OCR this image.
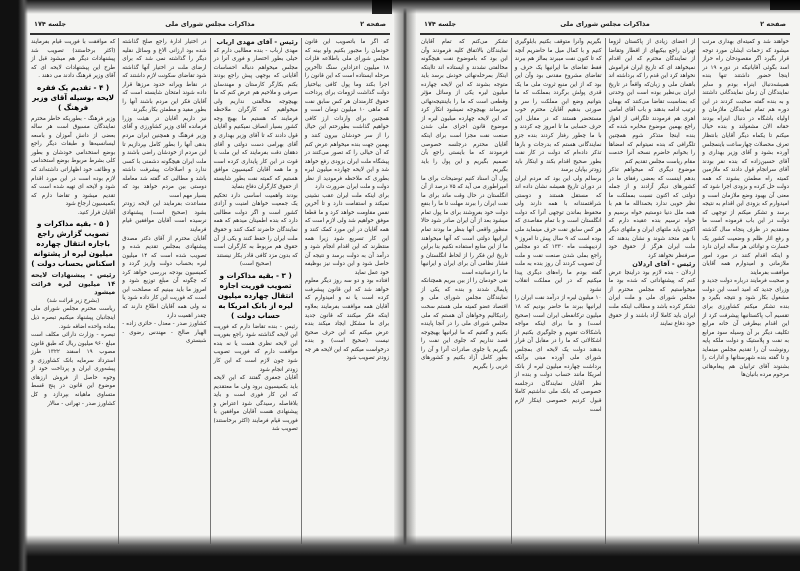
صفحه ۲
مذاکرات مجلس شورای ملی
جلسه ۱۷۴

خواهند شد و کمیته‌ای بهداری مرتب میشود که زحمات ایشان مورد توجه قرار بگیرد اگر مقصودخان راه حراز اسد بگوئی آقایانیکه در دوره ۱۹ در اینجا حضور داشتند تنها بنده همیشه‌دنبال اینراه بودم و سایر نمایندگان آن زمان نمایندگانی داشتند و به بنده گفته صحبت کردند در این دوره هم تمام نمایندگان ملازمان و اولیاء باشگاه در دنبال اینراه بودند حقانه الان مشغولند و بنده خیال میکنم تا یکماه دیگر آقایان بانتظار تعرف محصلات چهارساعت باینمجلس آورده بشود و آقای وزیر بهداری و آقای حسین‌زاده که بنده نفر بودند آقای سرانجام قول دادند که ملازمین کمیته راه مطمئن بشوند که همه دولت حل کرده و بزودی اجرا شود که معنی آن بهبود وضع ملازمان است و امیدوارم که بزودی این اقدام به نتیجه برسد و تشکر میکنم از توجهی که دولت در این باب فرموده است ما معتقدیم در ظرف پنجاه سال گذشته و رفع اثار ظلم و وضعیت کشور یک خسارت و توانائی هر ساله ایران دارد و اینکه اقدام کنند در مورد امور ملازمانی و امیدوارم همه آقایان موافقت بفرمایند

و صحبت فرمایند درباره دولت جدید و وزرای جدید که امید است این دولت مشغول بکار شود و نتیجه بگیرد و بنده تشکر میکنم کشاورزی برای تقسیم آب پاکستانیها پیشرفت کرد از این اقدام بیطرفی آن خانه مرابع تکلیف دیگر بر آن وسیله سود مرابع به نفت و پلاستیک و دولت ملکه پایه رونوشت آن را تقدیم مجلس مینماید و تا گفته بنده شهرستانها و ادارات را بشنوند آقای ترابیان هم پیغام‌هائی مرحوم مرده بانیان‌ها

از اعضای زیادی از پاکستان لزوما تهران راجع بیکیهای از اقطار وتقاضا از نمایندگان محترم که این اقدام نمیخواهد ای که تاریخ ایران فراموش نخواهد کرد این قدم را که برداشته اند باهمان ملی و زبان‌که واقعاً در تاریخ ایران بی‌نظیر بوده است این وحدتی که بمناسبت تقاضا می‌کنند که بهمان ترتیب ادامه بدهند و باب آقای امامی اهری هم فرمودند تلگرافی از اهواز راجع بهمین موضوع مخابره شده که بنده اینجا متذکر شوم همچنین تلگرافی که بنده نمیتوانم که امضاها را بخوانم حاضرم نسخه آنرا خدمت مقام ریاست مجلس تقدیم کنم

موضوع دیگری که میخواهم تذکر بدهم اینست که بعضی رفقای ما در کشورهای دیگر آزادند و از جمله دولتی که اکنون نسبت بمملکت ما نظر خوبی ندارد بحمدالله ما هم با همه ملل دنیا دوستیم خواه برسیم و خواه نرسیم بنده عقیده دارم که اکنون باید ملتهای ایران و ملتهای دیگر با هم متحد شوند و نشان بدهند که ملت ایران هرگز از حقوق خود صرفنظر نخواهد کرد

رئیس - آقای اردلان

اردلان - بنده لازم بود دراینجا عرض کنم که پیشنهاداتی که شده بود ما میخواستیم که مجلس محترم از مجلس شورای ملی و ملت ایران تشکر کرده باشد و مطالب اینکه ملت ایران باید کاملا آزاد باشند و از حقوق خود دفاع نمایند

بگیریم وآنرا متوقف بکنیم بابلوگیری کنیم و با کمال میل ما حاضریم آنچه که تا کنون نفت میبرند بمالز هم ببرند فقط تقاضای ما ایرانیها یک حرف و تقاضای مشروع مقدس بود وآن این بود که از این منبع ثروت ملی ما یک قدری پولش برگردد بمملکت که ما بتوانیم وضع این مملکت را سر و صورتی بدهیم آقایان محترم خوب مستحضر هستند که در مقابل این حرف حسابی ما تا امروز چه کردند و با ما چطور رفتار کردند بنده جزو نمایندگانی هستم که بدرجات و بارها تذکر داده‌ام که دولت در کار نفت بطور صحیح اقدام بکند و اینکار باید زودتر بپایان برسد

برسالم ولی این بود که مردم ایران در دوران تاریخ همیشه نشان داده اند که مستقل هستند و دوستی شرافتمندانه با همه دارند ولی محفوظ بماندن توجهی آنرا که دولت انگلستان است و با تمام مقاصدی که هر کس سابق نفت حرف مینماید ملی بوده است که ۹ سال پیش تا امروز ۹ اردیبهشت ماه ۱۳۳۰ که دو مجلس راجع بملی شدن صنعت نفت و ملت آن تصویب کردند آن روز بنده به ملت گفته بودم ما راه‌های دیگری پیدا میکنیم که در این مملکت انقلاب نشود

۱۰ میلیون لیره از درآمد نفت ایران را ایرانیها ببرند ما حاضر بودیم که ۱۸ میلیون ترکانفطی ایران است (صحیح است) و ما برای اینکه مواجه باشکالات تقویم و جلوگیری بکنیم از اشکالاتی که ما را در مقابل آن قرار بدهند دولت یک لایحه ای بمجلس شورای ملی آورده مبنی برآنکه برداشت چهارده میلیون لیره از بانک امریکا مانند حساب دولت و بنده از نظر آقایان نمایندگان درجلسه خصوصی که بانک ملی نداشتیم کاملا قبول کردیم خصوصی اینکار لازم است

تشکر می‌کنم که تمام آقایان نمایندگان بالاتفاق کلیه فرمودند وآن این بود که باموضوع نفت هیچگونه مخالفتی نشدند و ایستاده اند تااینکه اینکار بمرحله‌نهائی خودش برسد باید متوجه بشوند که این لایحه چهارده میلیون لیره یکی از وسائل مؤثر وقطعی است که ما را بایننتیجه‌نهائی میرساند بهیچوجه نمیشود انکار کرد که این لایحه چهارده میلیون لیره از موضوع قانون اجرای ملی شدن صنعت نفت مجزا است برای اینکه آقایان محترم درجلسه خصوصی فرمودند که ما بایستی راجع بآن تصمیم بگیریم و این پول را باید بگیریم

پول آن اسناد کنیم توضیحات برای ما امپراطوری می آید که ۷۵ درصد از آن انگلستان در حال وقت ماند برای ما نفت ایران را ببرند مهلت تا ما را بنفع دولت خود بفروشند برای ما پول تمام میشود بعد از آن ایران صادر شود حالا منظور واقعی آنها بنظر ما بودند تمام ایرانیها دولتی است که آنها میخواهند ما از این منابع استفاده نکنیم بنا براین تاریخ این فکر را از لحاظ انگلستان و فشار نظامی آن برای ایران و ایرانیها ما را ترسانیده است

نفی خودمان را از بین ببریم همچنانکه پایمال شدند و بنده که یکی از نمایندگان مجلس شورای ملی و اقتصاد عضو کمیته ملی هستم سخت رادیکالیم وخواهان آن هستم که ملی مجلس شورای ملی را در آنجا پاینده بکنیم و گفتیم که ما ایرانیها بهیچوجه قصد نداریم که جلوی این نفت را بگیریم یا جلوی صادرات آنرا و آن را بطور کامل آزاد بکنیم و کشورهای غربی را بگیریم

صفحه ۲
مذاکرات مجلس شورای ملی
جلسه ۱۷۴

که اگر ما باتصویب این قانون خودمان را مجبور بکنیم ولو بینه که مجلس شورای ملی باطلاعه فلزات ۱۸ میلیون اعزاداین سنگ تاآخرین مرحله ایستاده است که این قانون را اجرا بکند وما پول کافی بیاختیار دولت گذاشت لزومات برای پرداخت حقوق کارمندان هر کس سابق نفت که ماهی ۱۰ میلیون تومان است و همچنین برای واردات ارز کافی خواهیم گذاشت بطورحتم این خیال را از سر خودشان بیرون کنند و بهمین جهت بنده میخواهم عرض کنم که آن خیالی را که تصور می‌کنند در پیشگاه ملت ایران بزودی رفع خواهد شد و این لایحه چهارده میلیون لیره بطوری که ملاحظه فرمودید از نظر دولت و ملت ایران ضرورت دارد

برای اینکه ملت ایران عقب نشینی نمیکند و استقامت دارد و تا آخرین نفس مقاومت خواهد کرد و ما قطعا موفق خواهیم شد ولی لازم است که همه آقایان در این مورد کمک کنند و این کار تسریع شود زیرا همه منتظرند که این اقدام انجام شود و درآمد آن به دولت برسد و نتیجه آن حاصل شود و این دولت نیز بوظیفه خود عمل نماید

افتاده بود و دو سه روز دیگر معلوم خواهد شد که این قانون پیشرفت کرده است یا نه و امیدوارم که آقایان همه موافقت بفرمایند بعلاوه اینکه فکر میکنند که قانون جدید برای ما مشکل ایجاد میکند بنده عرض میکنم که این حرف صحیح نیست (صحیح است) و بنده درخواست میکنم که این لایحه هر چه زودتر تصویب شود

رئیس - آقای مهدی ارباب

مهدی ارباب - بنده مطالبی دارم که خیلی بطور اختصار و فوری آنرا در مجلس میخواهم دنباله احساسات آقایانی که بوجهی پیش راجع بودند بکنم بکارگر کارستان و مهندسان صرفی و ملاحیم هم عرض کنم که ما بهیچوجه مخالفتی نداریم ولی میخواهیم که کارگران ملاحظه فرمایند که هستیم ما بهیچ وجه کشور بسیار انصاف نمیکنیم و آقایان قول دادند که تا آقای وزیر بهداری و آقای بهرامی دست دولتی و آقای دهقان دقت بفرمایند که این ملت با قوت در این کار پایداری کرده است و ما همه آقایان کمیسیون موافق هستیم که کمیته نفت بطور شایسته از حقوق کارگران دفاع بنماید

بودند واهمیت اساسی دارد تحکیم یک جمعیت خواهان امنیت و آزادی کشور است و اگر دولت مطالبی دارد که بنده اطمینان میدهم که همه نمایندگان حاضرند کمک کنند و حقوق ملت ایران را حفظ کنند و یکی از آن حقوق هم مربوط به کارگران است که بدون مزد کافی قادر بکار نیستند

(صحیح است)

( ۳ - بقیه مذاکرات و تصویب فوریت اجازه انتقال چهارده میلیون لیره از بانک امریکا به حساب دولت )

رئیس - بنده تقاضا دارم که فوریت این لایحه گذاشته شود راجع بفوریت این لایحه نظری هست یا نه بنده موافقت دارم که فوریت تصویب شود چون لازم است که این کار زودتر انجام شود

آقایان جعفری گفتند که این لایحه باید بکمیسیون برود ولی ما معتقدیم که این کار فوری است و باید بلافاصله رسیدگی شود اعتراض و پیشنهادی هست آقایان موافقین با فوریت قیام فرمایند (اکثر برخاستند) تصویب شد

در اختیار ادارهٔ راجع صلح گذاشته شده بود ارزانی الاغ و وسائل نقلیه دیگر را گذاشته نمی شد که برای ارضای ملت در اختیار آنها گذاشته شود تقاضای سکونت لازم داشتند که در نقاط ویرانه حدود مرزها قرار داده شوند امتحان شایسته است که آقایان فکر این مردم باشند آنها را بطور مفید و مطمئن بکار بگیرند

نیز داریم آقایان در هیئت وزرا فرمانده آقای وزیر کشاورزی و آقای وزیر فرهنگ و همچنین ایران مردم بدهی آنها را بطور کامل بپردازیم تا این مردم از خودشان راضی باشند و ملت ایران هیچگونه دشمنی با کسی ندارد و اصلاحات پیشرفت داشته باشد و مطالبی که گفته شد معامله دوستی بین مردم خواهد بود که بسیار مهم است

مساعدت بفرمایند این لایحه زودتر بشود (صحیح است) پیشنهادی نرسیده است آقایان موافقین قیام فرمایند

آقایان محترم از آقای دکتر مصدق پیشنهادی بمجلس تقدیم شده و تصویب شده است که ۱۴ میلیون لیره بحساب دولت واریز گردد و کمیسیون بودجه بررسی خواهد کرد که چگونه آن مبلغ توزیع شود و امروز ما باید ببینیم که مصلحت این است که فوریت این کار داده شود یا نه ولی همه آقایان اطلاع دارند که چقدر اهمیت دارد

کشاورز صدر - معدل - حائری زاده - الهیار صالح - مهندس رضوی - شبستری

که موافقت با فوریت قیام بفرمایند (اکثر برخاستند) تصویب شد پیشنهادات دیگر هم میشود قبل از طرح این پیشنهادات لایحه ای که آقای وزیر فرهنگ دادند می دهند .

( ۴ - تقدیم یک فقره لایحه بوسیله آقای وزیر فرهنگ )

وزیر فرهنگ - بطوریکه خاطر محترم نمایندگان مسبوق است هر ساله بعضی از دانش آموزان و باسعه لیسانسیه‌ها و طبقات دیگر راجع بوضع استخدامی خودشان و بطور کلی بشرط مربوط بوضع استخدامی و وظائف خود اظهاراتی داشته‌اند که لازم بوده است در این مورد اقدام شود و لایحه ای تهیه شده است که تقدیم میشود و تقاضا دارم که بکمیسیون ارجاع شود

آقایان فرار کنید.

( ۵ - بقیه مذاکرات و تصویب گزارش راجع باجازه انتقال چهارده میلیون لیره از پشتوانه اسکناس بحساب دولت )

رئیس - پیشنهادات لایحه ۱۴ میلیون لیره قرائت میشود

(بشرح زیر قرائت شد)

ریاست محترم مجلس شورای ملی اینجانبان پیشنهاد میکنیم تبصره ذیل بماده واحده اضافه شود.

تبصره - وزارت دارائی مکلف است مبلغ ۹۶۰ میلیون ریال که طبق قانون مصوب ۱۹ اسفند ۱۳۲۲ طرز استرداد سرمایه بانک کشاورزی و پیشه‌وری ایران و پرداخت خود از وجوه حاصل از فروش ارزهای موضوع این قانون در پنج قسط متساوی ماهیانه بپردازد و کل کشاورز صدر - تهرانی - سالار
